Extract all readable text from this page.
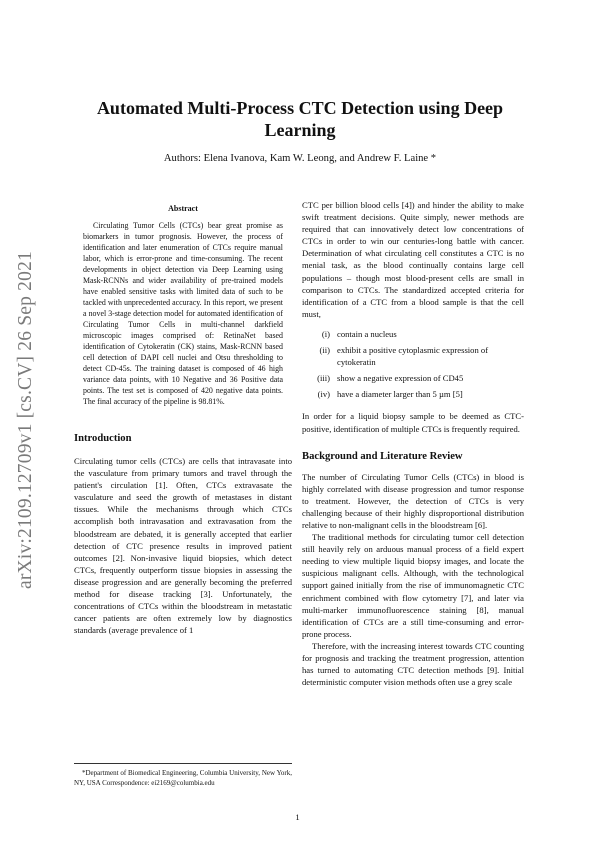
arXiv:2109.12709v1 [cs.CV] 26 Sep 2021
Automated Multi-Process CTC Detection using Deep Learning
Authors: Elena Ivanova, Kam W. Leong, and Andrew F. Laine *
Abstract

Circulating Tumor Cells (CTCs) bear great promise as biomarkers in tumor prognosis. However, the process of identification and later enumeration of CTCs require manual labor, which is error-prone and time-consuming. The recent developments in object detection via Deep Learning using Mask-RCNNs and wider availability of pre-trained models have enabled sensitive tasks with limited data of such to be tackled with unprecedented accuracy. In this report, we present a novel 3-stage detection model for automated identification of Circulating Tumor Cells in multi-channel darkfield microscopic images comprised of: RetinaNet based identification of Cytokeratin (CK) stains, Mask-RCNN based cell detection of DAPI cell nuclei and Otsu thresholding to detect CD-45s. The training dataset is composed of 46 high variance data points, with 10 Negative and 36 Positive data points. The test set is composed of 420 negative data points. The final accuracy of the pipeline is 98.81%.

Introduction

Circulating tumor cells (CTCs) are cells that intravasate into the vasculature from primary tumors and travel through the patient's circulation [1]. Often, CTCs extravasate the vasculature and seed the growth of metastases in distant tissues. While the mechanisms through which CTCs accomplish both intravasation and extravasation from the bloodstream are debated, it is generally accepted that earlier detection of CTC presence results in improved patient outcomes [2]. Non-invasive liquid biopsies, which detect CTCs, frequently outperform tissue biopsies in assessing the disease progression and are generally becoming the preferred method for disease tracking [3]. Unfortunately, the concentrations of CTCs within the bloodstream in metastatic cancer patients are often extremely low by diagnostics standards (average prevalence of 1

CTC per billion blood cells [4]) and hinder the ability to make swift treatment decisions. Quite simply, newer methods are required that can innovatively detect low concentrations of CTCs in order to win our centuries-long battle with cancer. Determination of what circulating cell constitutes a CTC is no menial task, as the blood continually contains large cell populations – though most blood-present cells are small in comparison to CTCs. The standardized accepted criteria for identification of a CTC from a blood sample is that the cell must,

(i) contain a nucleus
(ii) exhibit a positive cytoplasmic expression of cytokeratin
(iii) show a negative expression of CD45
(iv) have a diameter larger than 5 µm [5]

In order for a liquid biopsy sample to be deemed as CTC-positive, identification of multiple CTCs is frequently required.

Background and Literature Review

The number of Circulating Tumor Cells (CTCs) in blood is highly correlated with disease progression and tumor response to treatment. However, the detection of CTCs is very challenging because of their highly disproportional distribution relative to non-malignant cells in the bloodstream [6].

The traditional methods for circulating tumor cell detection still heavily rely on arduous manual process of a field expert needing to view multiple liquid biopsy images, and locate the suspicious malignant cells. Although, with the technological support gained initially from the rise of immunomagnetic CTC enrichment combined with flow cytometry [7], and later via multi-marker immunofluorescence staining [8], manual identification of CTCs are a still time-consuming and error-prone process.

Therefore, with the increasing interest towards CTC counting for prognosis and tracking the treatment progression, attention has turned to automating CTC detection methods [9]. Initial deterministic computer vision methods often use a grey scale

*Department of Biomedical Engineering, Columbia University, New York, NY, USA Correspondence: ei2169@columbia.edu

1
